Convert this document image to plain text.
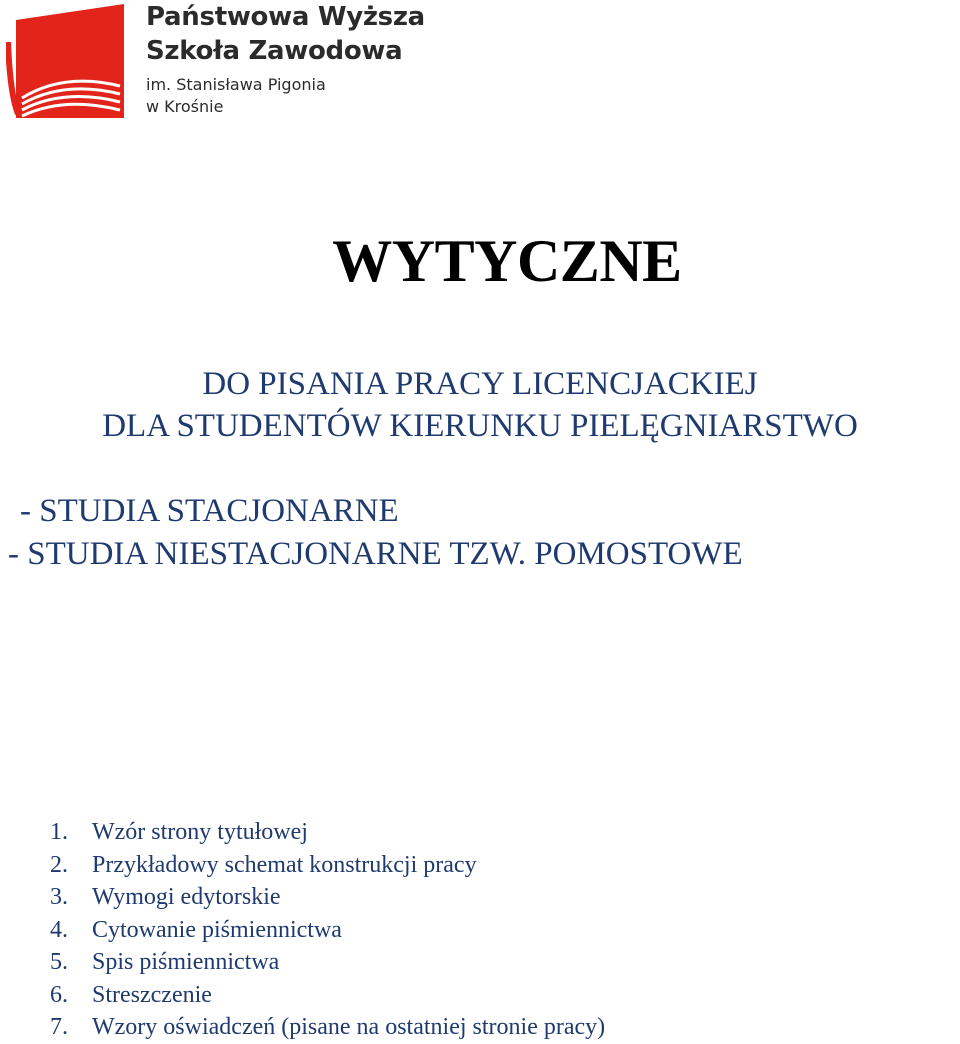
Państwowa Wyższa
Szkoła Zawodowa
im. Stanisława Pigonia
w Krośnie
WYTYCZNE
DO PISANIA PRACY LICENCJACKIEJ
DLA STUDENTÓW KIERUNKU PIELĘGNIARSTWO
- STUDIA STACJONARNE
- STUDIA NIESTACJONARNE TZW. POMOSTOWE
1. Wzór strony tytułowej
2. Przykładowy schemat konstrukcji pracy
3. Wymogi edytorskie
4. Cytowanie piśmiennictwa
5. Spis piśmiennictwa
6. Streszczenie
7. Wzory oświadczeń (pisane na ostatniej stronie pracy)
